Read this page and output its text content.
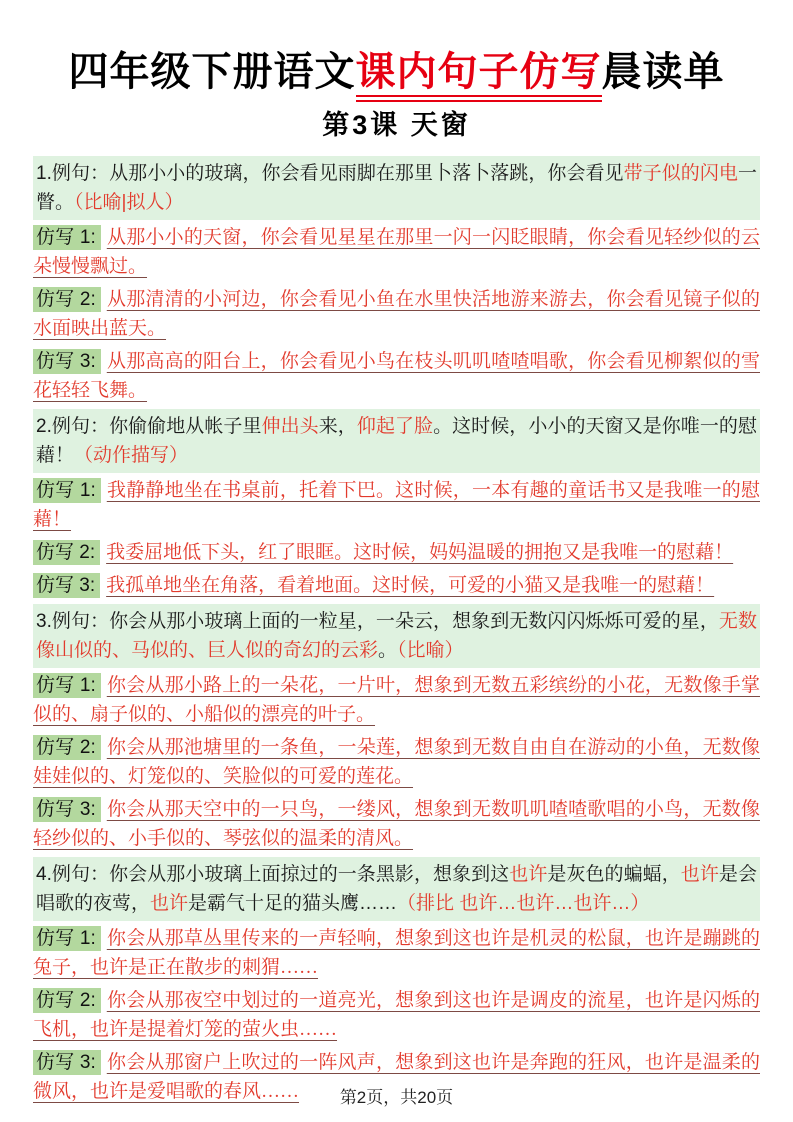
四年级下册语文课内句子仿写晨读单
第3课 天窗

1.例句：从那小小的玻璃，你会看见雨脚在那里卜落卜落跳，你会看见带子似的闪电一瞥。（比喻|拟人）

仿写 1: 从那小小的天窗，你会看见星星在那里一闪一闪眨眼睛，你会看见轻纱似的云朵慢慢飘过。

仿写 2: 从那清清的小河边，你会看见小鱼在水里快活地游来游去，你会看见镜子似的水面映出蓝天。

仿写 3: 从那高高的阳台上，你会看见小鸟在枝头叽叽喳喳唱歌，你会看见柳絮似的雪花轻轻飞舞。

2.例句：你偷偷地从帐子里伸出头来，仰起了脸。这时候，小小的天窗又是你唯一的慰藉！（动作描写）

仿写 1: 我静静地坐在书桌前，托着下巴。这时候，一本有趣的童话书又是我唯一的慰藉！

仿写 2: 我委屈地低下头，红了眼眶。这时候，妈妈温暖的拥抱又是我唯一的慰藉！

仿写 3: 我孤单地坐在角落，看着地面。这时候，可爱的小猫又是我唯一的慰藉！

3.例句：你会从那小玻璃上面的一粒星，一朵云，想象到无数闪闪烁烁可爱的星，无数像山似的、马似的、巨人似的奇幻的云彩。（比喻）

仿写 1: 你会从那小路上的一朵花，一片叶，想象到无数五彩缤纷的小花，无数像手掌似的、扇子似的、小船似的漂亮的叶子。

仿写 2: 你会从那池塘里的一条鱼，一朵莲，想象到无数自由自在游动的小鱼，无数像娃娃似的、灯笼似的、笑脸似的可爱的莲花。

仿写 3: 你会从那天空中的一只鸟，一缕风，想象到无数叽叽喳喳歌唱的小鸟，无数像轻纱似的、小手似的、琴弦似的温柔的清风。

4.例句：你会从那小玻璃上面掠过的一条黑影，想象到这也许是灰色的蝙蝠，也许是会唱歌的夜莺，也许是霸气十足的猫头鹰……（排比 也许…也许…也许…）

仿写 1: 你会从那草丛里传来的一声轻响，想象到这也许是机灵的松鼠，也许是蹦跳的兔子，也许是正在散步的刺猬……

仿写 2: 你会从那夜空中划过的一道亮光，想象到这也许是调皮的流星，也许是闪烁的飞机，也许是提着灯笼的萤火虫……

仿写 3: 你会从那窗户上吹过的一阵风声，想象到这也许是奔跑的狂风，也许是温柔的微风，也许是爱唱歌的春风……	第2页，共20页
